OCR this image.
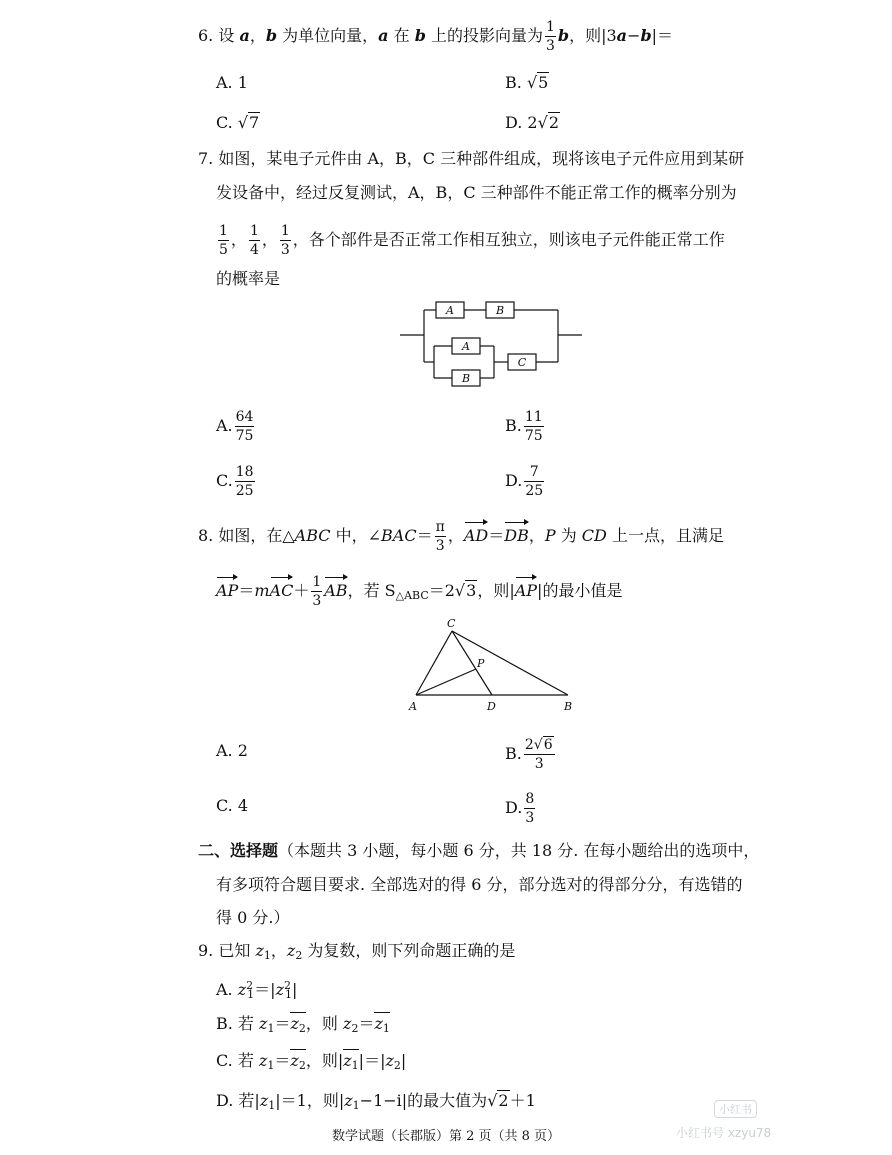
6. 设 a，b 为单位向量，a 在 b 上的投影向量为 $\frac{1}{3}$ b，则|3a−b|＝
A. 1	B. √5
C. √7	D. 2√2
7. 如图，某电子元件由 A，B，C 三种部件组成，现将该电子元件应用到某研
发设备中，经过反复测试，A，B，C 三种部件不能正常工作的概率分别为
$\frac{1}{5}$ ， $\frac{1}{4}$ ， $\frac{1}{3}$ ，各个部件是否正常工作相互独立，则该电子元件能正常工作
的概率是
A	B
A
B
C
A. $\frac{64}{75}$	B. $\frac{11}{75}$
C. $\frac{18}{25}$	D. $\frac{7}{25}$
8. 如图，在△ABC 中，∠BAC＝ $\frac{\pi}{3}$ ，AD＝DB，P 为 CD 上一点，且满足
$AP=mAC+ \frac{1}{3}$ AB，若 $S_{\triangle ABC}=2√3$，则|AP|的最小值是
C
P
A	D	B
A. 2	B. $\frac{2√6}{3}$
C. 4	D. $\frac{8}{3}$
二、选择题（本题共 3 小题，每小题 6 分，共 18 分. 在每小题给出的选项中，
有多项符合题目要求. 全部选对的得 6 分，部分选对的得部分分，有选错的
得 0 分.）
9. 已知 $z_1$，$z_2$ 为复数，则下列命题正确的是
A. $z^2_1=|z^2_1|$
B. 若 $z_1=z_2$，则 $z_2=z_1$
C. 若 $z_1=z_2$，则$|z_1|=|z_2|$
D. 若$|z_1|=1$，则$|z_1-1-i|$的最大值为√2＋1
数学试题（长郡版）第 2 页（共 8 页）
小红书
小红书号 xzyu78
